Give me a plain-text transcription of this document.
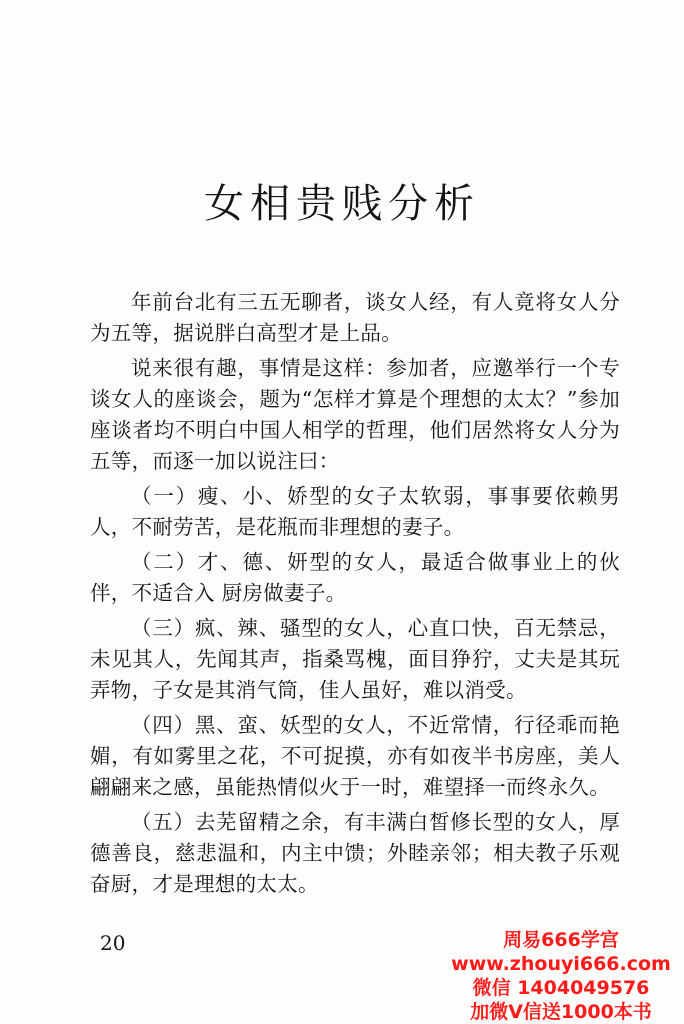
女相贵贱分析

年前台北有三五无聊者，谈女人经，有人竟将女人分为五等，据说胖白高型才是上品。

说来很有趣，事情是这样：参加者，应邀举行一个专谈女人的座谈会，题为“怎样才算是个理想的太太？”参加座谈者均不明白中国人相学的哲理，他们居然将女人分为五等，而逐一加以说注曰：

（一）瘦、小、娇型的女子太软弱，事事要依赖男人，不耐劳苦，是花瓶而非理想的妻子。

（二）才、德、妍型的女人，最适合做事业上的伙伴，不适合入 厨房做妻子。

（三）疯、辣、骚型的女人，心直口快，百无禁忌，未见其人，先闻其声，指桑骂槐，面目狰狞，丈夫是其玩弄物，子女是其消气筒，佳人虽好，难以消受。

（四）黑、蛮、妖型的女人，不近常情，行径乖而艳媚，有如雾里之花，不可捉摸，亦有如夜半书房座，美人翩翩来之感，虽能热情似火于一时，难望择一而终永久。

（五）去芜留精之余，有丰满白皙修长型的女人，厚德善良，慈悲温和，内主中馈；外睦亲邻；相夫教子乐观奋厨，才是理想的太太。

20	周易666学宫
www.zhouyi666.com
微信 1404049576
加微V信送1000本书
